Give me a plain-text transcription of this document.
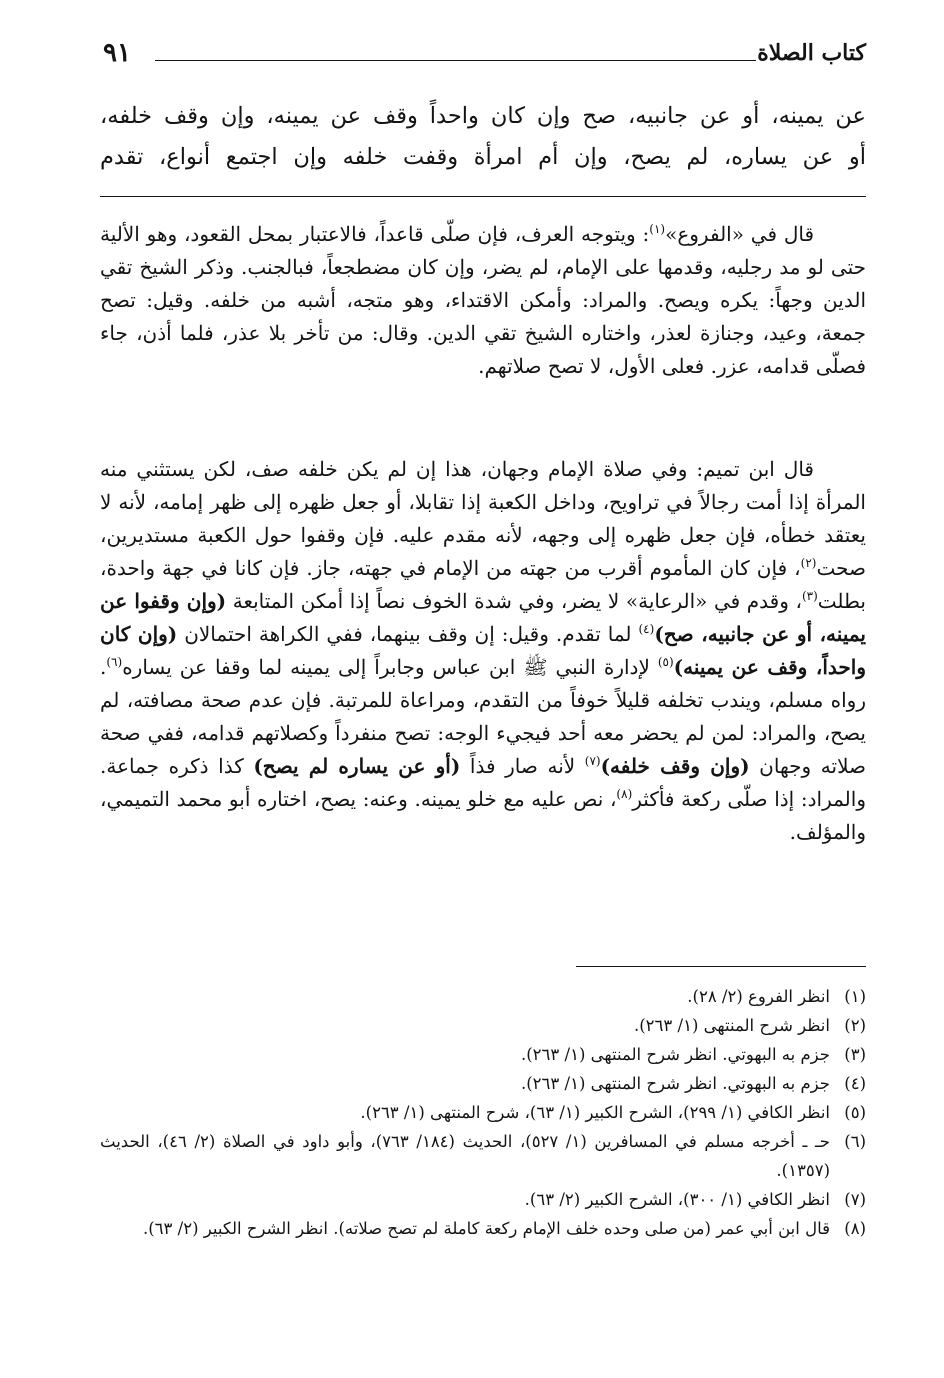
كتاب الصلاة
٩١
عن يمينه، أو عن جانبيه، صح وإن كان واحداً وقف عن يمينه، وإن وقف خلفه،
أو عن يساره، لم يصح، وإن أم امرأة وقفت خلفه وإن اجتمع أنواع، تقدم

قال في «الفروع»$^{(١)}$: ويتوجه العرف، فإن صلّى قاعداً، فالاعتبار بمحل القعود، وهو الألية حتى لو مد رجليه، وقدمها على الإمام، لم يضر، وإن كان مضطجعاً، فبالجنب. وذكر الشيخ تقي الدين وجهاً: يكره ويصح. والمراد: وأمكن الاقتداء، وهو متجه، أشبه من خلفه. وقيل: تصح جمعة، وعيد، وجنازة لعذر، واختاره الشيخ تقي الدين. وقال: من تأخر بلا عذر، فلما أذن، جاء فصلّى قدامه، عزر. فعلى الأول، لا تصح صلاتهم.

قال ابن تميم: وفي صلاة الإمام وجهان، هذا إن لم يكن خلفه صف، لكن يستثني منه المرأة إذا أمت رجالاً في تراويح، وداخل الكعبة إذا تقابلا، أو جعل ظهره إلى ظهر إمامه، لأنه لا يعتقد خطأه، فإن جعل ظهره إلى وجهه، لأنه مقدم عليه. فإن وقفوا حول الكعبة مستديرين، صحت$^{(٢)}$، فإن كان المأموم أقرب من جهته من الإمام في جهته، جاز. فإن كانا في جهة واحدة، بطلت$^{(٣)}$، وقدم في «الرعاية» لا يضر، وفي شدة الخوف نصاً إذا أمكن المتابعة (وإن وقفوا عن يمينه، أو عن جانبيه، صح)$^{(٤)}$ لما تقدم. وقيل: إن وقف بينهما، ففي الكراهة احتمالان (وإن كان واحداً، وقف عن يمينه)$^{(٥)}$ لإدارة النبي ﷺ ابن عباس وجابراً إلى يمينه لما وقفا عن يساره$^{(٦)}$. رواه مسلم، ويندب تخلفه قليلاً خوفاً من التقدم، ومراعاة للمرتبة. فإن عدم صحة مصافته، لم يصح، والمراد: لمن لم يحضر معه أحد فيجيء الوجه: تصح منفرداً وكصلاتهم قدامه، ففي صحة صلاته وجهان (وإن وقف خلفه)$^{(٧)}$ لأنه صار فذاً (أو عن يساره لم يصح) كذا ذكره جماعة. والمراد: إذا صلّى ركعة فأكثر$^{(٨)}$، نص عليه مع خلو يمينه. وعنه: يصح، اختاره أبو محمد التميمي، والمؤلف.

(١)
انظر الفروع (٢/ ٢٨).
(٢)
انظر شرح المنتهى (١/ ٢٦٣).
(٣)
جزم به البهوتي. انظر شرح المنتهى (١/ ٢٦٣).
(٤)
جزم به البهوتي. انظر شرح المنتهى (١/ ٢٦٣).
(٥)
انظر الكافي (١/ ٢٩٩)، الشرح الكبير (١/ ٦٣)، شرح المنتهى (١/ ٢٦٣).
(٦)
حـ ـ أخرجه مسلم في المسافرين (١/ ٥٢٧)، الحديث (١٨٤/ ٧٦٣)، وأبو داود في الصلاة (٢/ ٤٦)، الحديث (١٣٥٧).
(٧)
انظر الكافي (١/ ٣٠٠)، الشرح الكبير (٢/ ٦٣).
(٨)
قال ابن أبي عمر (من صلى وحده خلف الإمام ركعة كاملة لم تصح صلاته). انظر الشرح الكبير (٢/ ٦٣).
